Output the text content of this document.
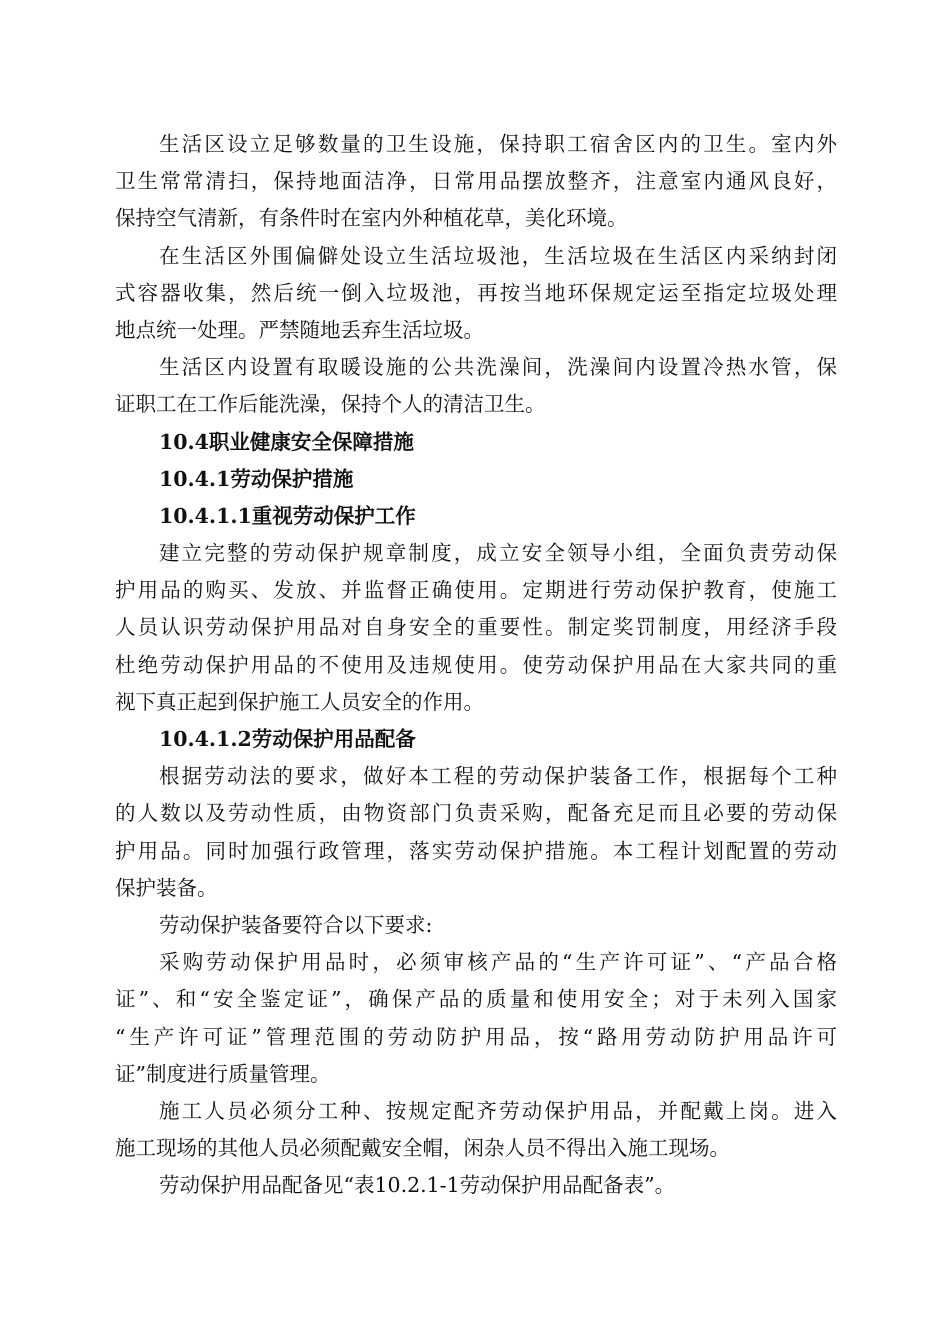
生活区设立足够数量的卫生设施，保持职工宿舍区内的卫生。室内外
卫生常常清扫，保持地面洁净，日常用品摆放整齐，注意室内通风良好，
保持空气清新，有条件时在室内外种植花草，美化环境。
在生活区外围偏僻处设立生活垃圾池，生活垃圾在生活区内采纳封闭
式容器收集，然后统一倒入垃圾池，再按当地环保规定运至指定垃圾处理
地点统一处理。严禁随地丢弃生活垃圾。
生活区内设置有取暖设施的公共洗澡间，洗澡间内设置冷热水管，保
证职工在工作后能洗澡，保持个人的清洁卫生。
10.4职业健康安全保障措施
10.4.1劳动保护措施
10.4.1.1重视劳动保护工作
建立完整的劳动保护规章制度，成立安全领导小组，全面负责劳动保
护用品的购买、发放、并监督正确使用。定期进行劳动保护教育，使施工
人员认识劳动保护用品对自身安全的重要性。制定奖罚制度，用经济手段
杜绝劳动保护用品的不使用及违规使用。使劳动保护用品在大家共同的重
视下真正起到保护施工人员安全的作用。
10.4.1.2劳动保护用品配备
根据劳动法的要求，做好本工程的劳动保护装备工作，根据每个工种
的人数以及劳动性质，由物资部门负责采购，配备充足而且必要的劳动保
护用品。同时加强行政管理，落实劳动保护措施。本工程计划配置的劳动
保护装备。
劳动保护装备要符合以下要求:
采购劳动保护用品时，必须审核产品的“生产许可证”、“产品合格
证”、和“安全鉴定证”，确保产品的质量和使用安全；对于未列入国家
“生产许可证”管理范围的劳动防护用品，按“路用劳动防护用品许可
证”制度进行质量管理。
施工人员必须分工种、按规定配齐劳动保护用品，并配戴上岗。进入
施工现场的其他人员必须配戴安全帽，闲杂人员不得出入施工现场。
劳动保护用品配备见“表10.2.1-1劳动保护用品配备表”。
